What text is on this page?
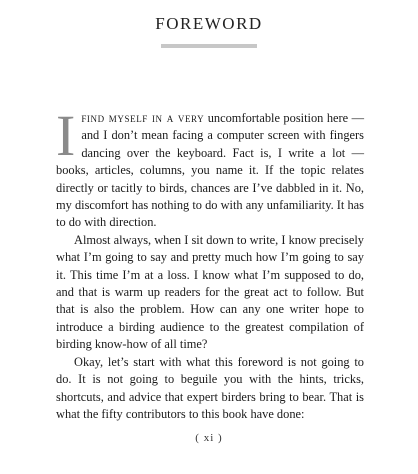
FOREWORD

Ifind myself in a very uncomfortable position here — and I don’t mean facing a computer screen with fingers dancing over the keyboard. Fact is, I write a lot — books, articles, columns, you name it. If the topic relates directly or tacitly to birds, chances are I’ve dabbled in it. No, my discomfort has nothing to do with any unfamiliarity. It has to do with direction.

Almost always, when I sit down to write, I know precisely what I’m going to say and pretty much how I’m going to say it. This time I’m at a loss. I know what I’m supposed to do, and that is warm up readers for the great act to follow. But that is also the problem. How can any one writer hope to introduce a birding audience to the greatest compilation of birding know-how of all time?

Okay, let’s start with what this foreword is not going to do. It is not going to beguile you with the hints, tricks, shortcuts, and advice that expert birders bring to bear. That is what the fifty contributors to this book have done:

( xi )
